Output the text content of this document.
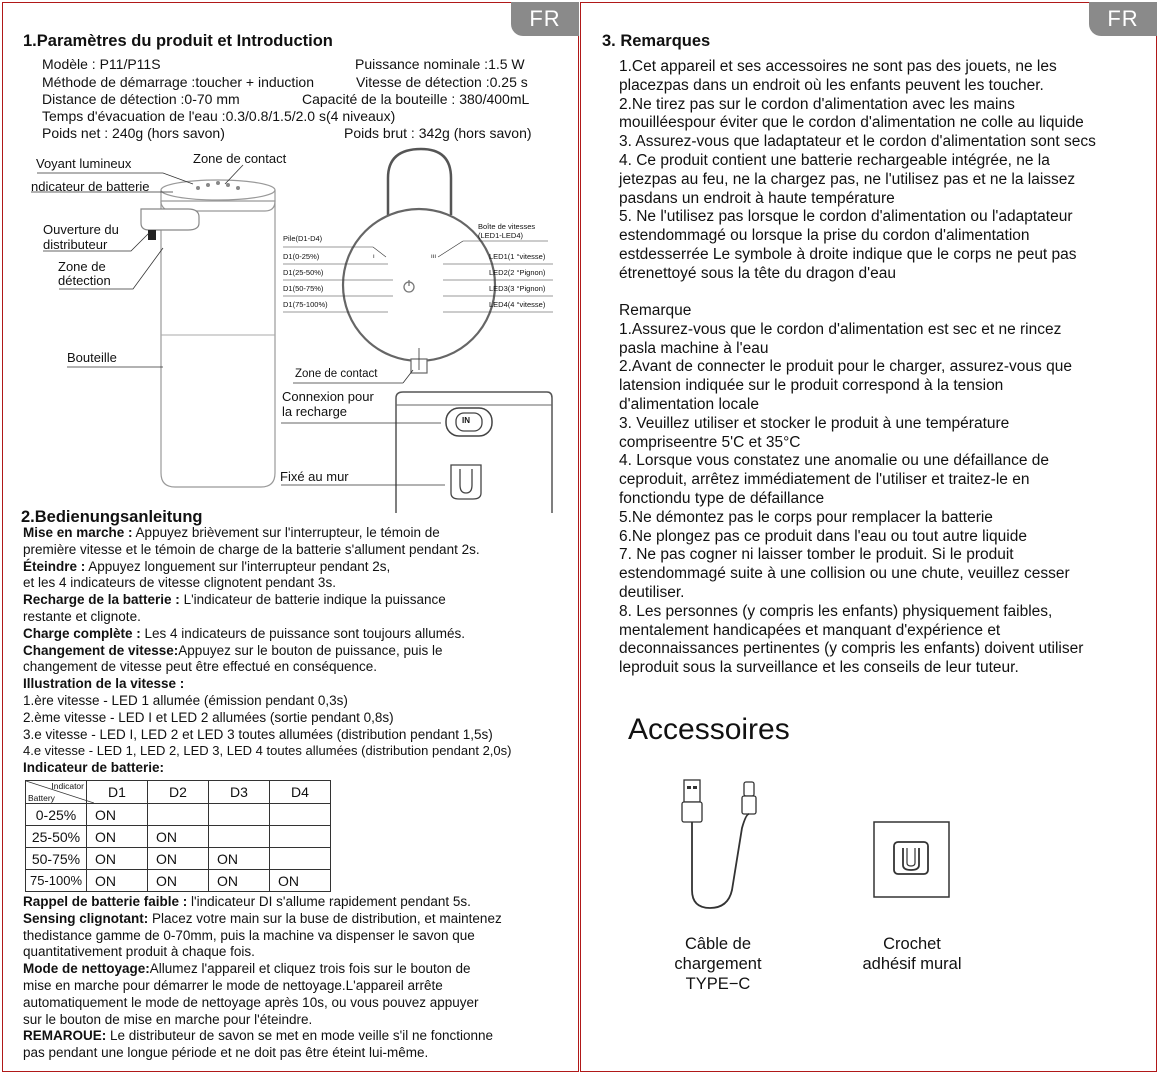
FR
1.Paramètres du produit et Introduction
Modèle : P11/P11S	Puissance nominale :1.5 W
Méthode de démarrage :toucher + induction	Vitesse de détection :0.25 s
Distance de détection :0-70 mm	Capacité de la bouteille : 380/400mL
Temps d'évacuation de l'eau :0.3/0.8/1.5/2.0 s(4 niveaux)
Poids net : 240g (hors savon)	Poids brut : 342g (hors savon)
ı	ııı
Voyant lumineux	Zone de contact
ndicateur de batterie
Ouverture du
distributeur
Zone de
détection
Bouteille
Zone de contact
Connexion pour
la recharge
Fixé au mur
IN
Boîte de vitesses
(LED1-LED4)
Pile(D1-D4)
D1(0-25%)
D1(25-50%)
D1(50-75%)
D1(75-100%)
LED1(1 °vitesse)
LED2(2 °Pignon)
LED3(3 °Pignon)
LED4(4 °vitesse)
2.Bedienungsanleitung

Mise en marche : Appuyez brièvement sur l'interrupteur, le témoin de

première vitesse et le témoin de charge de la batterie s'allument pendant 2s.

Éteindre : Appuyez longuement sur l'interrupteur pendant 2s,

et les 4 indicateurs de vitesse clignotent pendant 3s.

Recharge de la batterie : L'indicateur de batterie indique la puissance

restante et clignote.

Charge complète : Les 4 indicateurs de puissance sont toujours allumés.

Changement de vitesse:Appuyez sur le bouton de puissance, puis le

changement de vitesse peut être effectué en conséquence.

Illustration de la vitesse :

1.ère vitesse - LED 1 allumée (émission pendant 0,3s)

2.ème vitesse - LED I et LED 2 allumées (sortie pendant 0,8s)

3.e vitesse - LED I, LED 2 et LED 3 toutes allumées (distribution pendant 1,5s)

4.e vitesse - LED 1, LED 2, LED 3, LED 4 toutes allumées (distribution pendant 2,0s)

Indicateur de batterie:

Indicator
Battery	D1	D2	D3	D4
0-25%	ON			
25-50%	ON	ON		
50-75%	ON	ON	ON	
75-100%	ON	ON	ON	ON

Rappel de batterie faible : l'indicateur DI s'allume rapidement pendant 5s.

Sensing clignotant: Placez votre main sur la buse de distribution, et maintenez

thedistance gamme de 0-70mm, puis la machine va dispenser le savon que

quantitativement produit à chaque fois.

Mode de nettoyage:Allumez l'appareil et cliquez trois fois sur le bouton de

mise en marche pour démarrer le mode de nettoyage.L'appareil arrête

automatiquement le mode de nettoyage après 10s, ou vous pouvez appuyer

sur le bouton de mise en marche pour l'éteindre.

REMAROUE: Le distributeur de savon se met en mode veille s'il ne fonctionne

pas pendant une longue période et ne doit pas être éteint lui-même.

FR
3. Remarques

1.Cet appareil et ses accessoires ne sont pas des jouets, ne les

placezpas dans un endroit où les enfants peuvent les toucher.

2.Ne tirez pas sur le cordon d'alimentation avec les mains

mouilléespour éviter que le cordon d'alimentation ne colle au liquide

3. Assurez-vous que ladaptateur et le cordon d'alimentation sont secs

4. Ce produit contient une batterie rechargeable intégrée, ne la

jetezpas au feu, ne la chargez pas, ne l'utilisez pas et ne la laissez

pasdans un endroit à haute température

5. Ne l'utilisez pas lorsque le cordon d'alimentation ou l'adaptateur

estendommagé ou lorsque la prise du cordon d'alimentation

estdesserrée Le symbole à droite indique que le corps ne peut pas

étrenettoyé sous la tête du dragon d'eau

Remarque

1.Assurez-vous que le cordon d'alimentation est sec et ne rincez

pasla machine à l'eau

2.Avant de connecter le produit pour le charger, assurez-vous que

latension indiquée sur le produit correspond à la tension

d'alimentation locale

3. Veuillez utiliser et stocker le produit à une température

compriseentre 5'C et 35°C

4. Lorsque vous constatez une anomalie ou une défaillance de

ceproduit, arrêtez immédiatement de l'utiliser et traitez-le en

fonctiondu type de défaillance

5.Ne démontez pas le corps pour remplacer la batterie

6.Ne plongez pas ce produit dans l'eau ou tout autre liquide

7. Ne pas cogner ni laisser tomber le produit. Si le produit

estendommagé suite à une collision ou une chute, veuillez cesser

deutiliser.

8. Les personnes (y compris les enfants) physiquement faibles,

mentalement handicapées et manquant d'expérience et

deconnaissances pertinentes (y compris les enfants) doivent utiliser

leproduit sous la surveillance et les conseils de leur tuteur.

Accessoires
Câble de
chargement
TYPE−C
Crochet
adhésif mural
